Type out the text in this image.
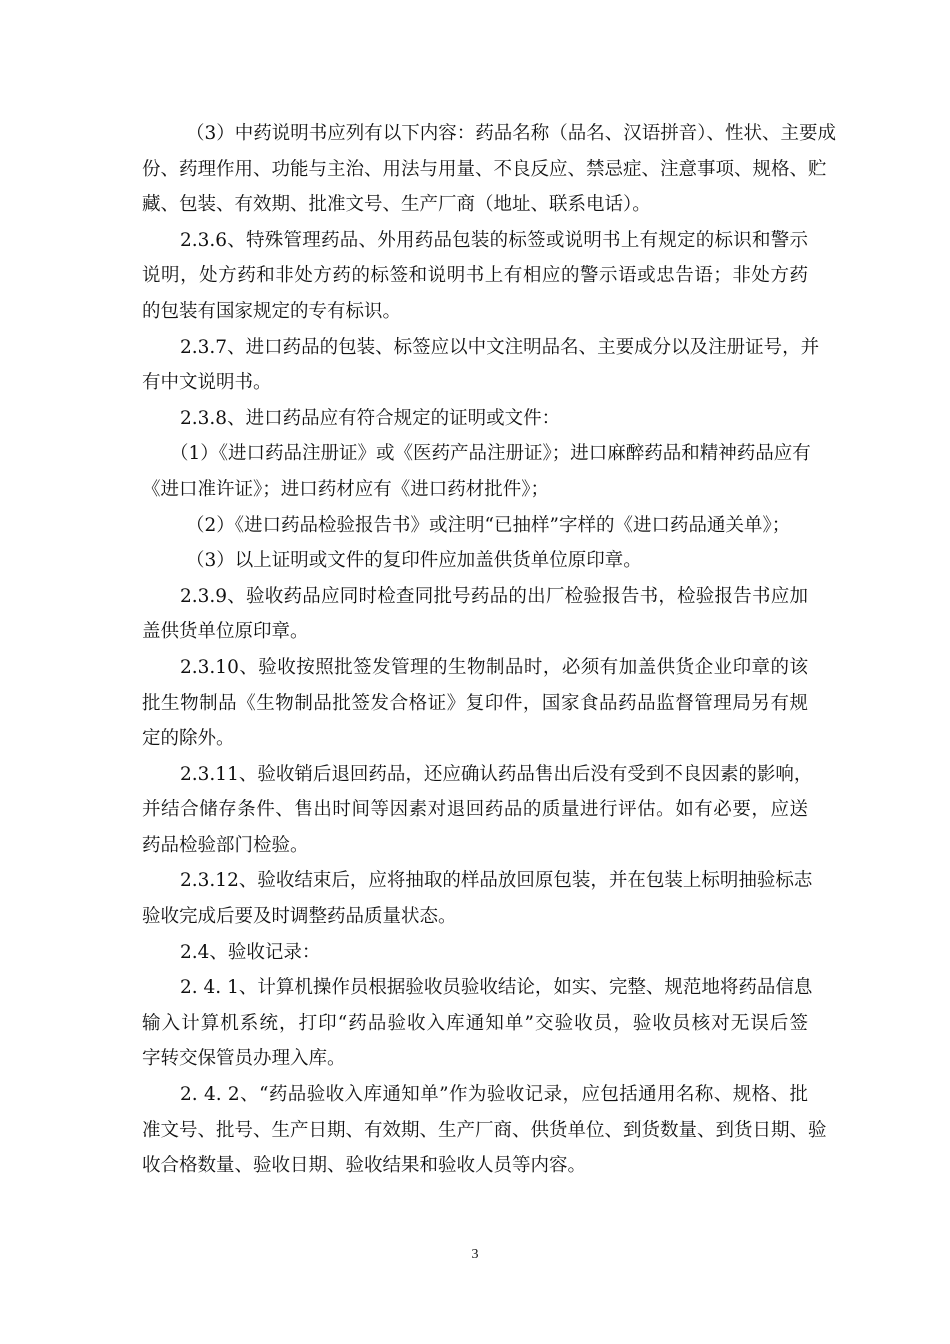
（3）中药说明书应列有以下内容：药品名称（品名、汉语拼音）、性状、主要成
份、药理作用、功能与主治、用法与用量、不良反应、禁忌症、注意事项、规格、贮
藏、包装、有效期、批准文号、生产厂商（地址、联系电话）。
2.3.6、特殊管理药品、外用药品包装的标签或说明书上有规定的标识和警示
说明，处方药和非处方药的标签和说明书上有相应的警示语或忠告语；非处方药
的包装有国家规定的专有标识。
2.3.7、进口药品的包装、标签应以中文注明品名、主要成分以及注册证号，并
有中文说明书。
2.3.8、进口药品应有符合规定的证明或文件：
（1）《进口药品注册证》或《医药产品注册证》；进口麻醉药品和精神药品应有
《进口准许证》；进口药材应有《进口药材批件》；
（2）《进口药品检验报告书》或注明“已抽样”字样的《进口药品通关单》；
（3）以上证明或文件的复印件应加盖供货单位原印章。
2.3.9、验收药品应同时检查同批号药品的出厂检验报告书，检验报告书应加
盖供货单位原印章。
2.3.10、验收按照批签发管理的生物制品时，必须有加盖供货企业印章的该
批生物制品《生物制品批签发合格证》复印件，国家食品药品监督管理局另有规
定的除外。
2.3.11、验收销后退回药品，还应确认药品售出后没有受到不良因素的影响，
并结合储存条件、售出时间等因素对退回药品的质量进行评估。如有必要，应送
药品检验部门检验。
2.3.12、验收结束后，应将抽取的样品放回原包装，并在包装上标明抽验标志
验收完成后要及时调整药品质量状态。
2.4、验收记录：
2. 4. 1、计算机操作员根据验收员验收结论，如实、完整、规范地将药品信息
输入计算机系统，打印“药品验收入库通知单”交验收员，验收员核对无误后签
字转交保管员办理入库。
2. 4. 2、“药品验收入库通知单”作为验收记录，应包括通用名称、规格、批
准文号、批号、生产日期、有效期、生产厂商、供货单位、到货数量、到货日期、验
收合格数量、验收日期、验收结果和验收人员等内容。
3
